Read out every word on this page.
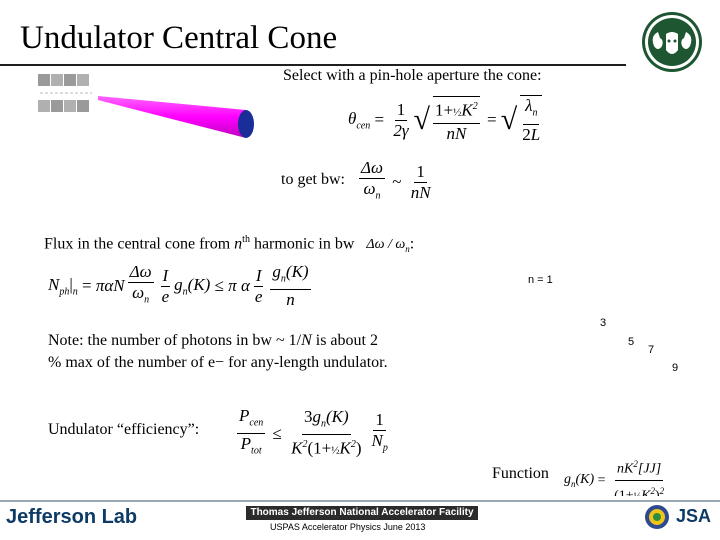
Undulator Central Cone
Select with a pin-hole aperture the cone:
$\theta_{cen} = \frac{1}{2\gamma}$ √ $\frac{1+\frac{1}{2}K^2}{nN}$ = √ $\frac{\lambda_n}{2L}$
to get bw: $\frac{\Delta\omega}{\omega_n}$ ~ $\frac{1}{nN}$
Flux in the central cone from $n^{th}$ harmonic in bw Δω / $\omega_n$:
$N_{ph}$ $|_n = \pi\alpha N \frac{\Delta\omega}{\omega_n} \frac{I}{e} g_n(K) \le \pi$ α $\frac{I}{e} \frac{g_n(K)}{n}$	n = 1
3
5
7
9
Note: the number of photons in bw ~ 1/N is about 2
% max of the number of e− for any-length undulator.
Undulator “efficiency”: $\frac{P_{cen}}{P_{tot}} \le \frac{3g_n(K)}{K^2(1+\frac{1}{2}K^2)} \frac{1}{N_p}$
Function $g_n(K) = \frac{nK^2[JJ]}{^2 ^2}$
Jefferson Lab	Thomas Jefferson National Accelerator Facility
USPAS Accelerator Physics June 2013
JSA
